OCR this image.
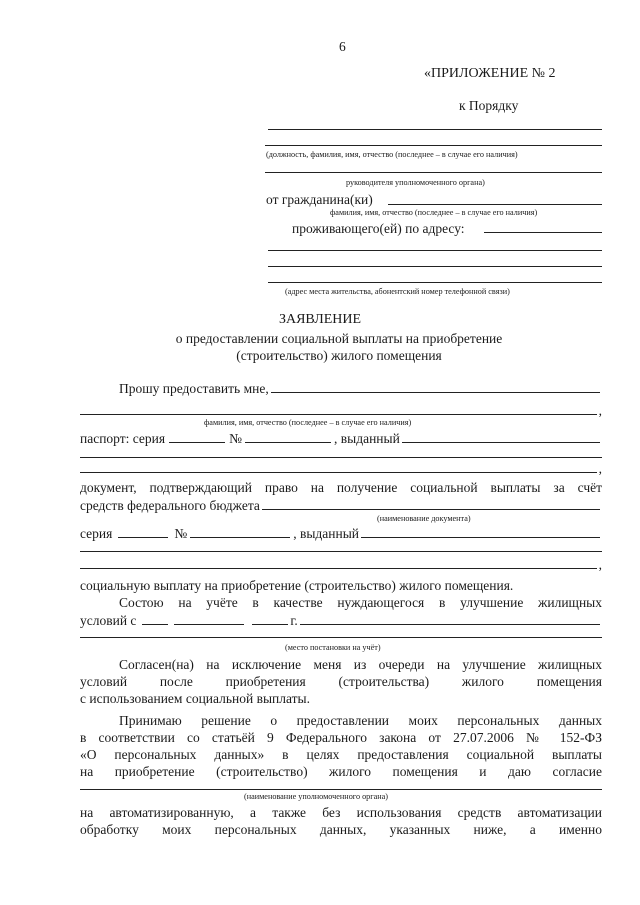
6
«ПРИЛОЖЕНИЕ № 2
к Порядку
(должность, фамилия, имя, отчество (последнее – в случае его наличия)
руководителя уполномоченного органа)
от гражданина(ки)
фамилия, имя, отчество (последнее – в случае его наличия)
проживающего(ей) по адресу:
(адрес места жительства, абонентский номер телефонной связи)
ЗАЯВЛЕНИЕ
о предоставлении социальной выплаты на приобретение
(строительство) жилого помещения
Прошу предоставить мне,
,
фамилия, имя, отчество (последнее – в случае его наличия)
паспорт: серия	№	, выданный
,
документ, подтверждающий право на получение социальной выплаты за счёт
средств федерального бюджета
(наименование документа)
серия	№	, выданный
,
социальную выплату на приобретение (строительство) жилого помещения.
Состою на учёте в качестве нуждающегося в улучшение жилищных
условий с	г.
(место постановки на учёт)
Согласен(на) на исключение меня из очереди на улучшение жилищных
условий после приобретения (строительства) жилого помещения
с использованием социальной выплаты.
Принимаю решение о предоставлении моих персональных данных
в соответствии со статьёй 9 Федерального закона от 27.07.2006 № 152-ФЗ
«О персональных данных» в целях предоставления социальной выплаты
на приобретение (строительство) жилого помещения и даю согласие
(наименование уполномоченного органа)
на автоматизированную, а также без использования средств автоматизации
обработку моих персональных данных, указанных ниже, а именно
